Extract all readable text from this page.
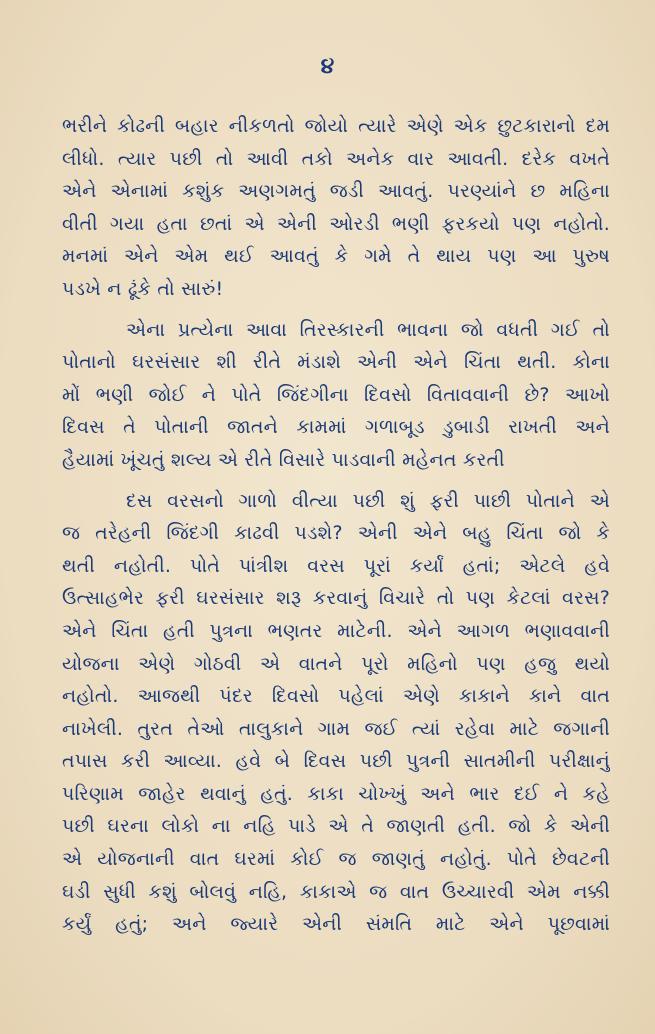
૪
ભરીને કોઢની બહાર નીકળતો જોયો ત્યારે એણે એક છુટકારાનો દમ
લીધો. ત્યાર પછી તો આવી તકો અનેક વાર આવતી. દરેક વખતે
એને એનામાં કશુંક અણગમતું જડી આવતું. પરણ્યાંને છ મહિના
વીતી ગયા હતા છતાં એ એની ઓરડી ભણી ફરકયો પણ નહોતો.
મનમાં એને એમ થઈ આવતું કે ગમે તે થાય પણ આ પુરુષ
પડખે ન ઢૂંકે તો સારું!
એના પ્રત્યેના આવા તિરસ્કારની ભાવના જો વધતી ગઈ તો
પોતાનો ઘરસંસાર શી રીતે મંડાશે એની એને ચિંતા થતી. કોના
મોં ભણી જોઈ ને પોતે જિંદગીના દિવસો વિતાવવાની છે? આખો
દિવસ તે પોતાની જાતને કામમાં ગળાબૂડ ડુબાડી રાખતી અને
હૈયામાં ખૂંચતું શલ્ય એ રીતે વિસારે પાડવાની મહેનત કરતી
દસ વરસનો ગાળો વીત્યા પછી શું ફરી પાછી પોતાને એ
જ તરેહની જિંદગી કાઢવી પડશે? એની એને બહુ ચિંતા જો કે
થતી નહોતી. પોતે પાંત્રીશ વરસ પૂરાં કર્યાં હતાં; એટલે હવે
ઉત્સાહભેર ફરી ઘરસંસાર શરૂ કરવાનું વિચારે તો પણ કેટલાં વરસ?
એને ચિંતા હતી પુત્રના ભણતર માટેની. એને આગળ ભણાવવાની
યોજના એણે ગોઠવી એ વાતને પૂરો મહિનો પણ હજુ થયો
નહોતો. આજથી પંદર દિવસો પહેલાં એણે કાકાને કાને વાત
નાખેલી. તુરત તેઓ તાલુકાને ગામ જઈ ત્યાં રહેવા માટે જગાની
તપાસ કરી આવ્યા. હવે બે દિવસ પછી પુત્રની સાતમીની પરીક્ષાનું
પરિણામ જાહેર થવાનું હતું. કાકા ચોખ્ખું અને ભાર દઈ ને કહે
પછી ઘરના લોકો ના નહિ પાડે એ તે જાણતી હતી. જો કે એની
એ યોજનાની વાત ઘરમાં કોઈ જ જાણતું નહોતું. પોતે છેવટની
ઘડી સુધી કશું બોલવું નહિ, કાકાએ જ વાત ઉચ્ચારવી એમ નક્કી
કર્યું હતું; અને જ્યારે એની સંમતિ માટે એને પૂછવામાં
